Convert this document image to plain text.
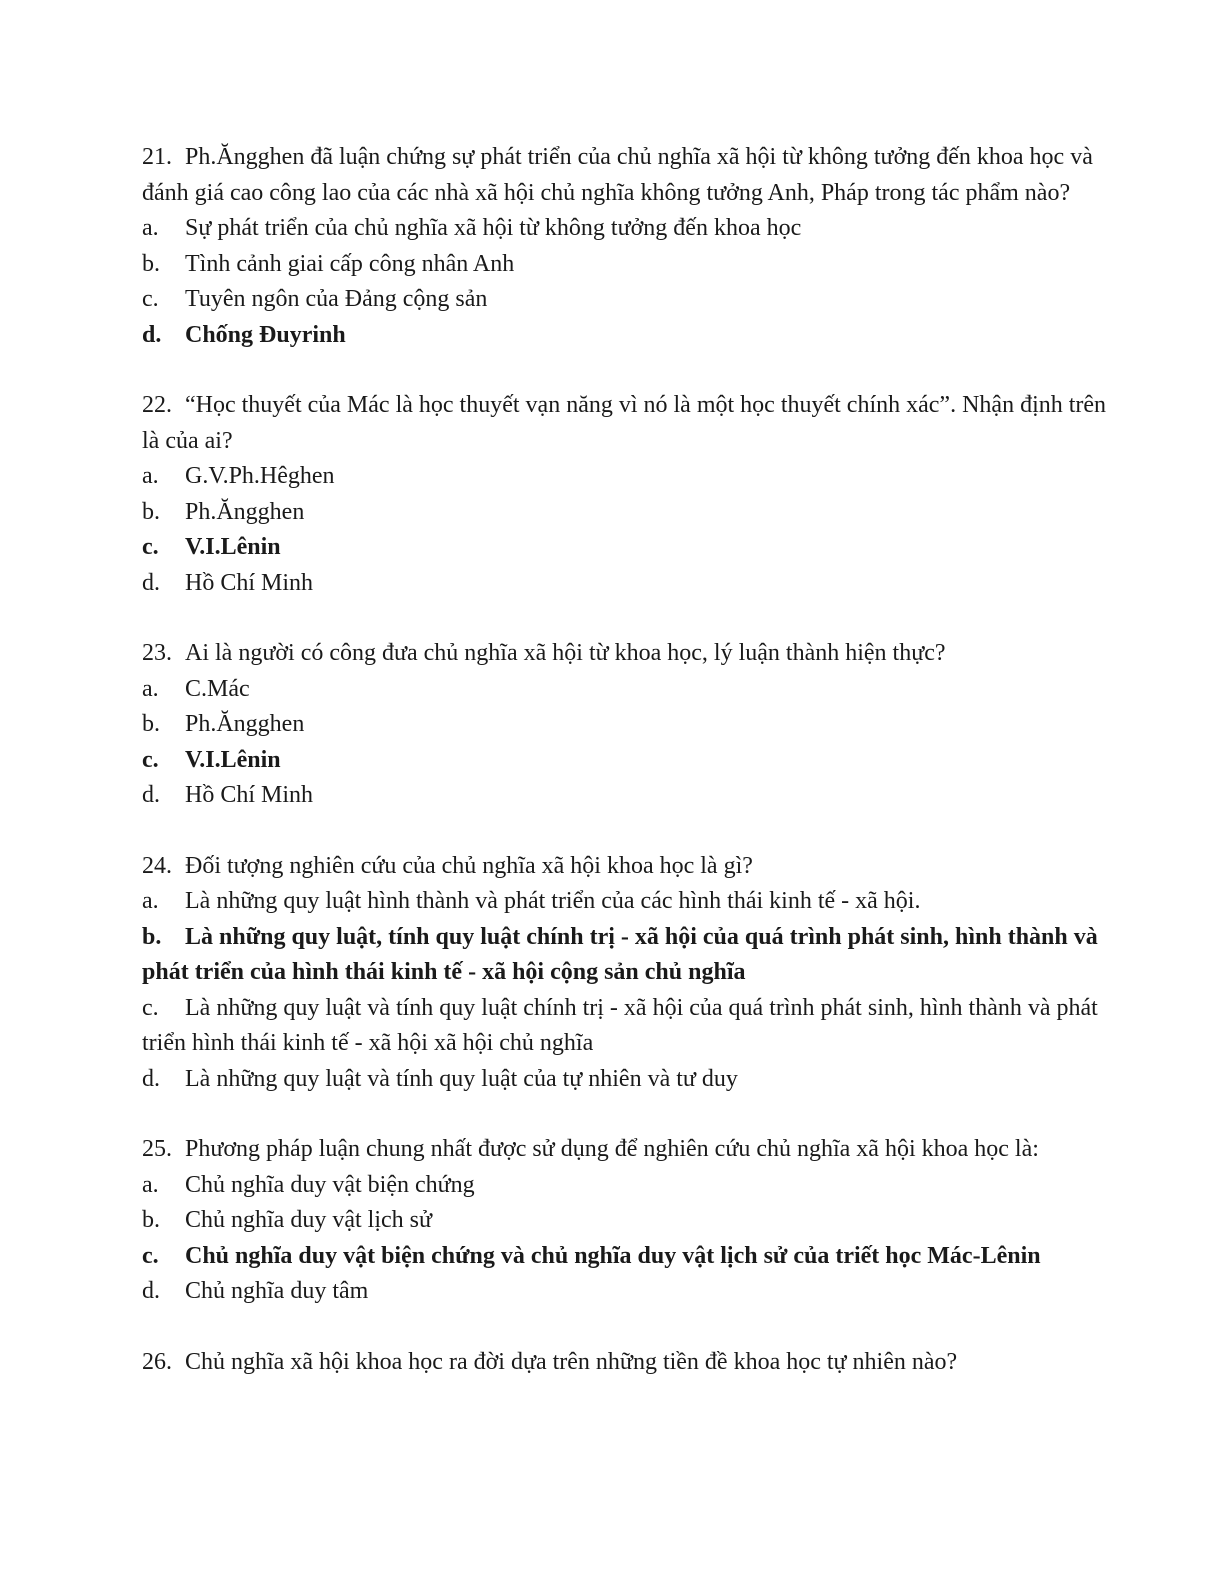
21. Ph.Ăngghen đã luận chứng sự phát triển của chủ nghĩa xã hội từ không tưởng đến khoa học và đánh giá cao công lao của các nhà xã hội chủ nghĩa không tưởng Anh, Pháp trong tác phẩm nào?
a.	Sự phát triển của chủ nghĩa xã hội từ không tưởng đến khoa học
b.	Tình cảnh giai cấp công nhân Anh
c.	Tuyên ngôn của Đảng cộng sản
d. Chống Đuyrinh
22. “Học thuyết của Mác là học thuyết vạn năng vì nó là một học thuyết chính xác”. Nhận định trên là của ai?
a.	G.V.Ph.Hêghen
b.	Ph.Ăngghen
c.	V.I.Lênin
d.	Hồ Chí Minh
23. Ai là người có công đưa chủ nghĩa xã hội từ khoa học, lý luận thành hiện thực?
a.	C.Mác
b.	Ph.Ăngghen
c.	V.I.Lênin
d.	Hồ Chí Minh
24. Đối tượng nghiên cứu của chủ nghĩa xã hội khoa học là gì?
a.	Là những quy luật hình thành và phát triển của các hình thái kinh tế - xã hội.
b. Là những quy luật, tính quy luật chính trị - xã hội của quá trình phát sinh, hình thành và phát triển của hình thái kinh tế - xã hội cộng sản chủ nghĩa
c. Là những quy luật và tính quy luật chính trị - xã hội của quá trình phát sinh, hình thành và phát triển hình thái kinh tế - xã hội xã hội chủ nghĩa
d.	Là những quy luật và tính quy luật của tự nhiên và tư duy
25. Phương pháp luận chung nhất được sử dụng để nghiên cứu chủ nghĩa xã hội khoa học là:
a.	Chủ nghĩa duy vật biện chứng
b.	Chủ nghĩa duy vật lịch sử
c.	Chủ nghĩa duy vật biện chứng và chủ nghĩa duy vật lịch sử của triết học Mác-Lênin
d.	Chủ nghĩa duy tâm
26. Chủ nghĩa xã hội khoa học ra đời dựa trên những tiền đề khoa học tự nhiên nào?
